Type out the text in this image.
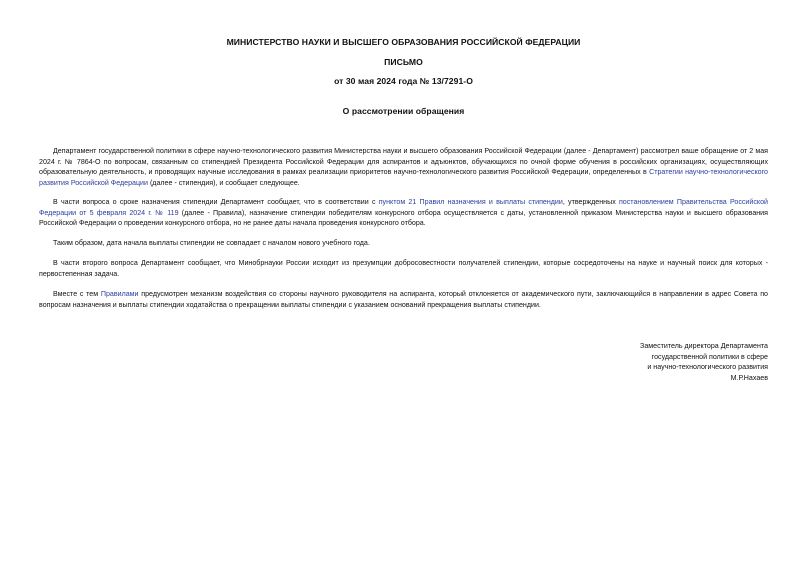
МИНИСТЕРСТВО НАУКИ И ВЫСШЕГО ОБРАЗОВАНИЯ РОССИЙСКОЙ ФЕДЕРАЦИИ
ПИСЬМО
от 30 мая 2024 года № 13/7291-О
О рассмотрении обращения

Департамент государственной политики в сфере научно-технологического развития Министерства науки и высшего образования Российской Федерации (далее - Департамент) рассмотрел ваше обращение от 2 мая 2024 г. № 7864-О по вопросам, связанным со стипендией Президента Российской Федерации для аспирантов и адъюнктов, обучающихся по очной форме обучения в российских организациях, осуществляющих образовательную деятельность, и проводящих научные исследования в рамках реализации приоритетов научно-технологического развития Российской Федерации, определенных в Стратегии научно-технологического развития Российской Федерации (далее - стипендия), и сообщает следующее.

В части вопроса о сроке назначения стипендии Департамент сообщает, что в соответствии с пунктом 21 Правил назначения и выплаты стипендии, утвержденных постановлением Правительства Российской Федерации от 5 февраля 2024 г. № 119 (далее - Правила), назначение стипендии победителям конкурсного отбора осуществляется с даты, установленной приказом Министерства науки и высшего образования Российской Федерации о проведении конкурсного отбора, но не ранее даты начала проведения конкурсного отбора.

Таким образом, дата начала выплаты стипендии не совпадает с началом нового учебного года.

В части второго вопроса Департамент сообщает, что Минобрнауки России исходит из презумпции добросовестности получателей стипендии, которые сосредоточены на науке и научный поиск для которых - первостепенная задача.

Вместе с тем Правилами предусмотрен механизм воздействия со стороны научного руководителя на аспиранта, который отклоняется от академического пути, заключающийся в направлении в адрес Совета по вопросам назначения и выплаты стипендии ходатайства о прекращении выплаты стипендии с указанием оснований прекращения выплаты стипендии.

Заместитель директора Департамента
государственной политики в сфере
и научно-технологического развития
М.Р.Нахаев
